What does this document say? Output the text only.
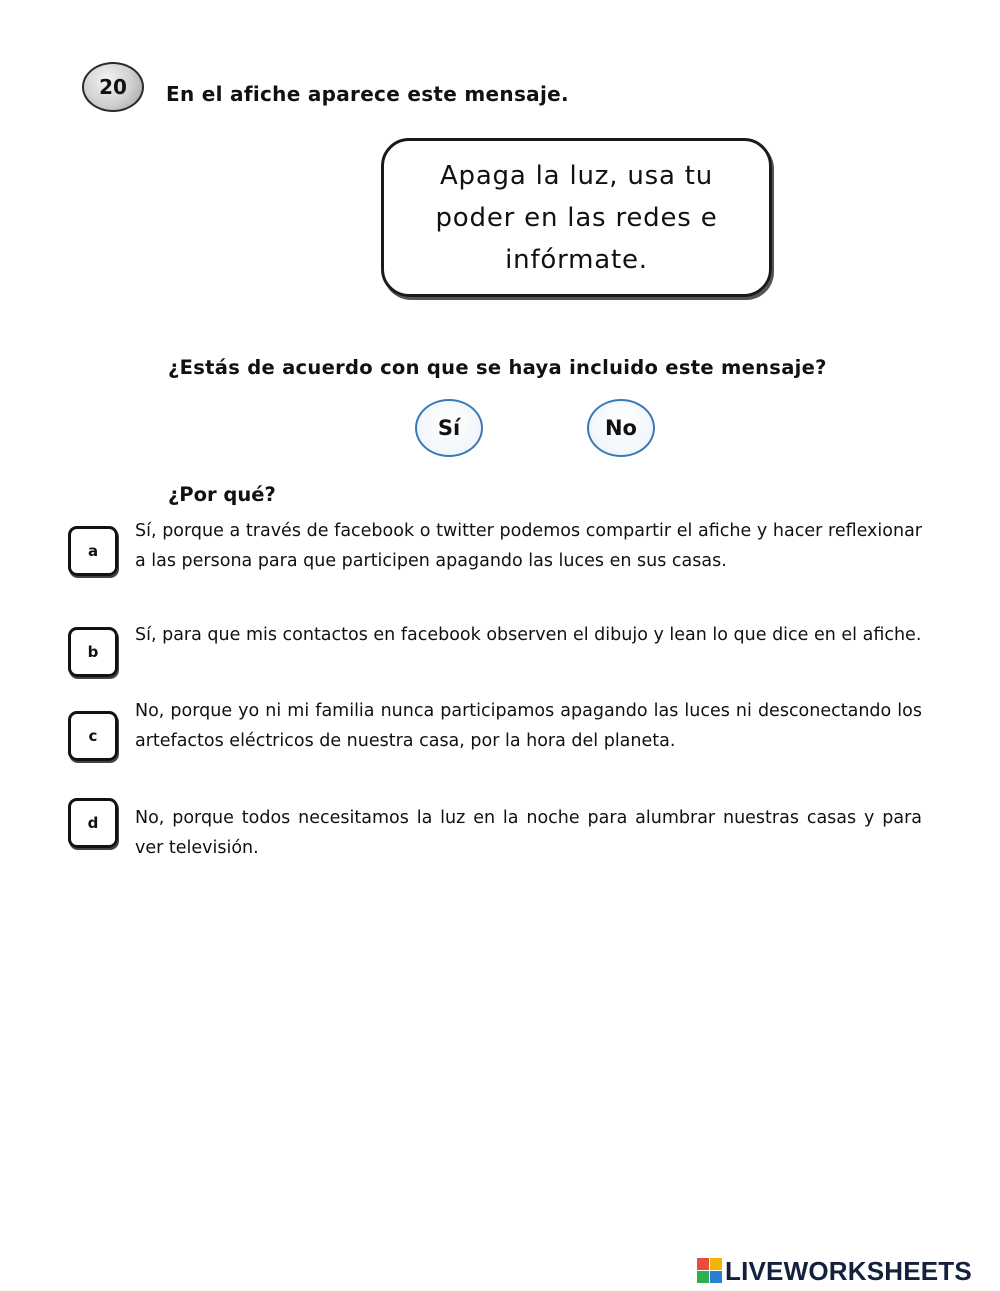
20	En el afiche aparece este mensaje.
Apaga la luz, usa tu poder en las redes e infórmate.
¿Estás de acuerdo con que se haya incluido este mensaje?
Sí	No
¿Por qué?
a
Sí, porque a través de facebook o twitter podemos compartir el afiche y hacer reflexionar a las persona para que participen apagando las luces en sus casas.
b
Sí, para que mis contactos en facebook observen el dibujo y lean lo que dice en el afiche.
c
No, porque yo ni mi familia nunca participamos apagando las luces ni desconectando los artefactos eléctricos de nuestra casa, por la hora del planeta.
d	No, porque todos necesitamos la luz en la noche para alumbrar nuestras casas y para ver televisión.
LIVEWORKSHEETS
